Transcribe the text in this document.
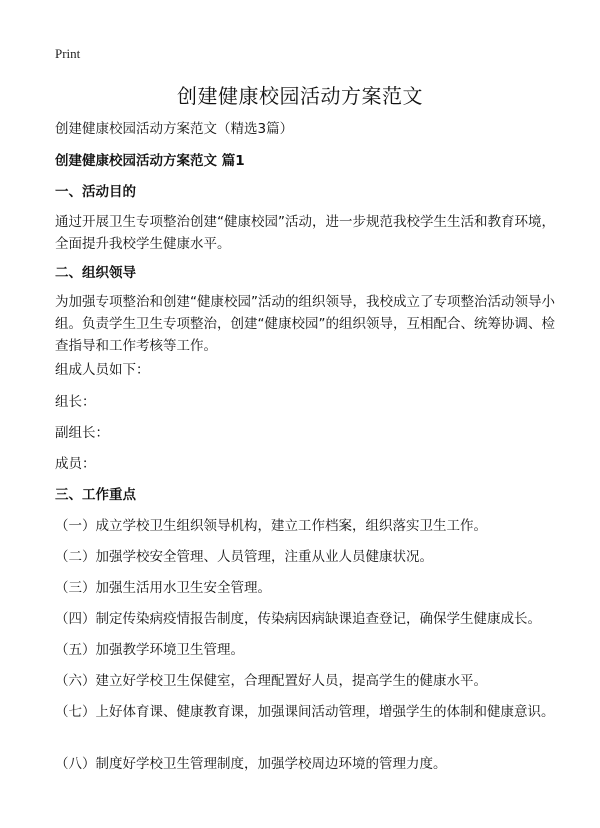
Print
创建健康校园活动方案范文

创建健康校园活动方案范文（精选3篇）

创建健康校园活动方案范文 篇1

一、活动目的

通过开展卫生专项整治创建“健康校园”活动，进一步规范我校学生生活和教育环境，全面提升我校学生健康水平。

二、组织领导

为加强专项整治和创建“健康校园”活动的组织领导，我校成立了专项整治活动领导小组。负责学生卫生专项整治，创建“健康校园”的组织领导，互相配合、统筹协调、检查指导和工作考核等工作。

组成人员如下：

组长：

副组长：

成员：

三、工作重点

（一）成立学校卫生组织领导机构，建立工作档案，组织落实卫生工作。

（二）加强学校安全管理、人员管理，注重从业人员健康状况。

（三）加强生活用水卫生安全管理。

（四）制定传染病疫情报告制度，传染病因病缺课追查登记，确保学生健康成长。

（五）加强教学环境卫生管理。

（六）建立好学校卫生保健室，合理配置好人员，提高学生的健康水平。

（七）上好体育课、健康教育课，加强课间活动管理，增强学生的体制和健康意识。

（八）制度好学校卫生管理制度，加强学校周边环境的管理力度。
